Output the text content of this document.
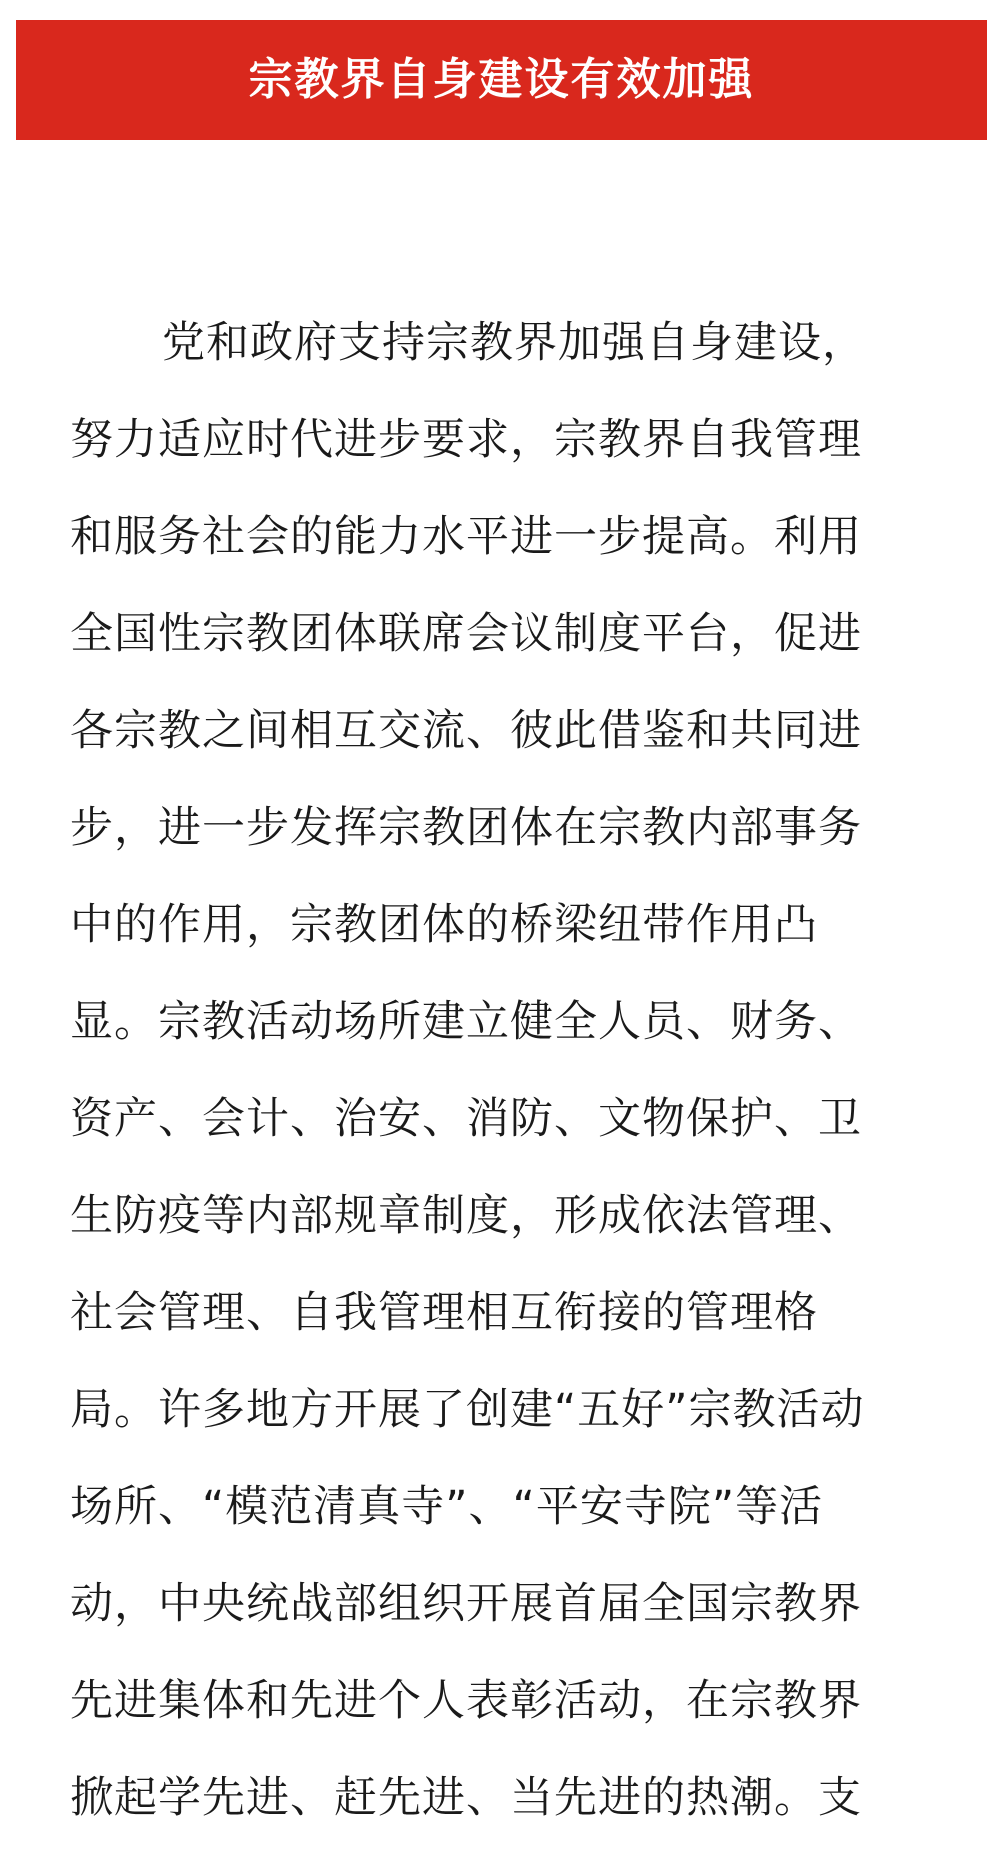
宗教界自身建设有效加强
党和政府支持宗教界加强自身建设，
努力适应时代进步要求，宗教界自我管理
和服务社会的能力水平进一步提高。利用
全国性宗教团体联席会议制度平台，促进
各宗教之间相互交流、彼此借鉴和共同进
步，进一步发挥宗教团体在宗教内部事务
中的作用，宗教团体的桥梁纽带作用凸
显。宗教活动场所建立健全人员、财务、
资产、会计、治安、消防、文物保护、卫
生防疫等内部规章制度，形成依法管理、
社会管理、自我管理相互衔接的管理格
局。许多地方开展了创建“五好”宗教活动
场所、“模范清真寺”、“平安寺院”等活
动，中央统战部组织开展首届全国宗教界
先进集体和先进个人表彰活动，在宗教界
掀起学先进、赶先进、当先进的热潮。支
